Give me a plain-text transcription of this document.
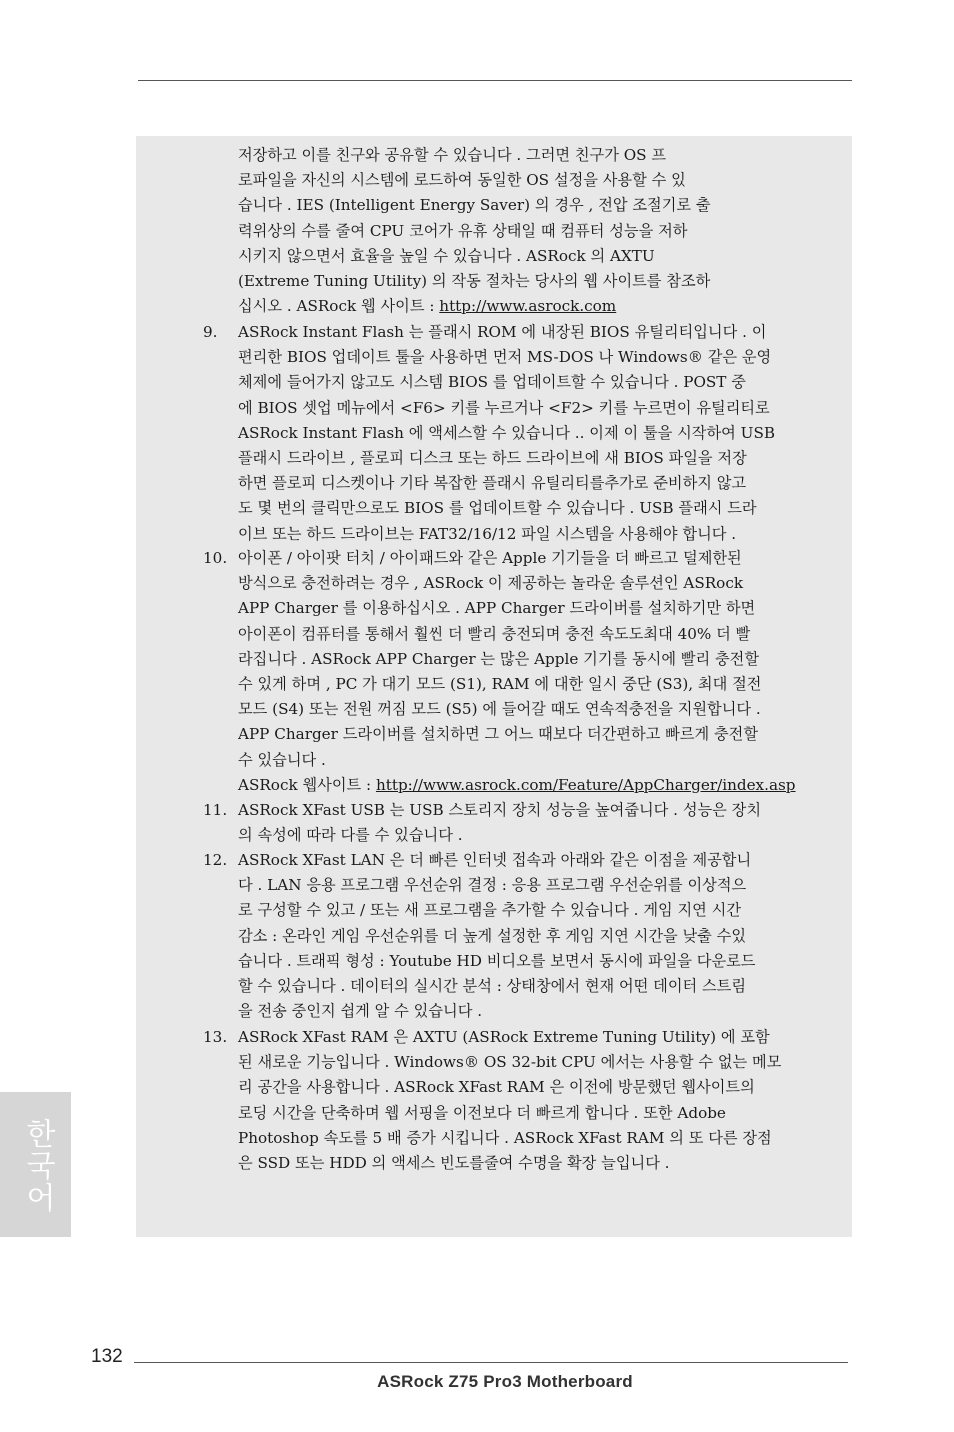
한국어
저장하고 이를 친구와 공유할 수 있습니다 . 그러면 친구가 OS 프
로파일을 자신의 시스템에 로드하여 동일한 OS 설정을 사용할 수 있
습니다 . IES (Intelligent Energy Saver) 의 경우 , 전압 조절기로 출
력위상의 수를 줄여 CPU 코어가 유휴 상태일 때 컴퓨터 성능을 저하
시키지 않으면서 효율을 높일 수 있습니다 . ASRock 의 AXTU
(Extreme Tuning Utility) 의 작동 절차는 당사의 웹 사이트를 참조하
십시오 . ASRock 웹 사이트 : http://www.asrock.com
9.	ASRock Instant Flash 는 플래시 ROM 에 내장된 BIOS 유틸리티입니다 . 이
편리한 BIOS 업데이트 툴을 사용하면 먼저 MS-DOS 나 Windows® 같은 운영
체제에 들어가지 않고도 시스템 BIOS 를 업데이트할 수 있습니다 . POST 중
에 BIOS 셋업 메뉴에서 <F6> 키를 누르거나 <F2> 키를 누르면이 유틸리티로
ASRock Instant Flash 에 액세스할 수 있습니다 .. 이제 이 툴을 시작하여 USB
플래시 드라이브 , 플로피 디스크 또는 하드 드라이브에 새 BIOS 파일을 저장
하면 플로피 디스켓이나 기타 복잡한 플래시 유틸리티를추가로 준비하지 않고
도 몇 번의 클릭만으로도 BIOS 를 업데이트할 수 있습니다 . USB 플래시 드라
이브 또는 하드 드라이브는 FAT32/16/12 파일 시스템을 사용해야 합니다 .
10. 아이폰 / 아이팟 터치 / 아이패드와 같은 Apple 기기들을 더 빠르고 덜제한된
방식으로 충전하려는 경우 , ASRock 이 제공하는 놀라운 솔루션인 ASRock
APP Charger 를 이용하십시오 . APP Charger 드라이버를 설치하기만 하면
아이폰이 컴퓨터를 통해서 훨씬 더 빨리 충전되며 충전 속도도최대 40% 더 빨
라집니다 . ASRock APP Charger 는 많은 Apple 기기를 동시에 빨리 충전할
수 있게 하며 , PC 가 대기 모드 (S1), RAM 에 대한 일시 중단 (S3), 최대 절전
모드 (S4) 또는 전원 꺼짐 모드 (S5) 에 들어갈 때도 연속적충전을 지원합니다 .
APP Charger 드라이버를 설치하면 그 어느 때보다 더간편하고 빠르게 충전할
수 있습니다 .
ASRock 웹사이트 : http://www.asrock.com/Feature/AppCharger/index.asp
11. ASRock XFast USB 는 USB 스토리지 장치 성능을 높여줍니다 . 성능은 장치
의 속성에 따라 다를 수 있습니다 .
12. ASRock XFast LAN 은 더 빠른 인터넷 접속과 아래와 같은 이점을 제공합니
다 . LAN 응용 프로그램 우선순위 결정 : 응용 프로그램 우선순위를 이상적으
로 구성할 수 있고 / 또는 새 프로그램을 추가할 수 있습니다 . 게임 지연 시간
감소 : 온라인 게임 우선순위를 더 높게 설정한 후 게임 지연 시간을 낮출 수있
습니다 . 트래픽 형성 : Youtube HD 비디오를 보면서 동시에 파일을 다운로드
할 수 있습니다 . 데이터의 실시간 분석 : 상태창에서 현재 어떤 데이터 스트림
을 전송 중인지 쉽게 알 수 있습니다 .
13. ASRock XFast RAM 은 AXTU (ASRock Extreme Tuning Utility) 에 포함
된 새로운 기능입니다 . Windows® OS 32-bit CPU 에서는 사용할 수 없는 메모
리 공간을 사용합니다 . ASRock XFast RAM 은 이전에 방문했던 웹사이트의
로딩 시간을 단축하며 웹 서핑을 이전보다 더 빠르게 합니다 . 또한 Adobe
Photoshop 속도를 5 배 증가 시킵니다 . ASRock XFast RAM 의 또 다른 장점
은 SSD 또는 HDD 의 액세스 빈도를줄여 수명을 확장 늘입니다 .
132
ASRock Z75 Pro3 Motherboard
